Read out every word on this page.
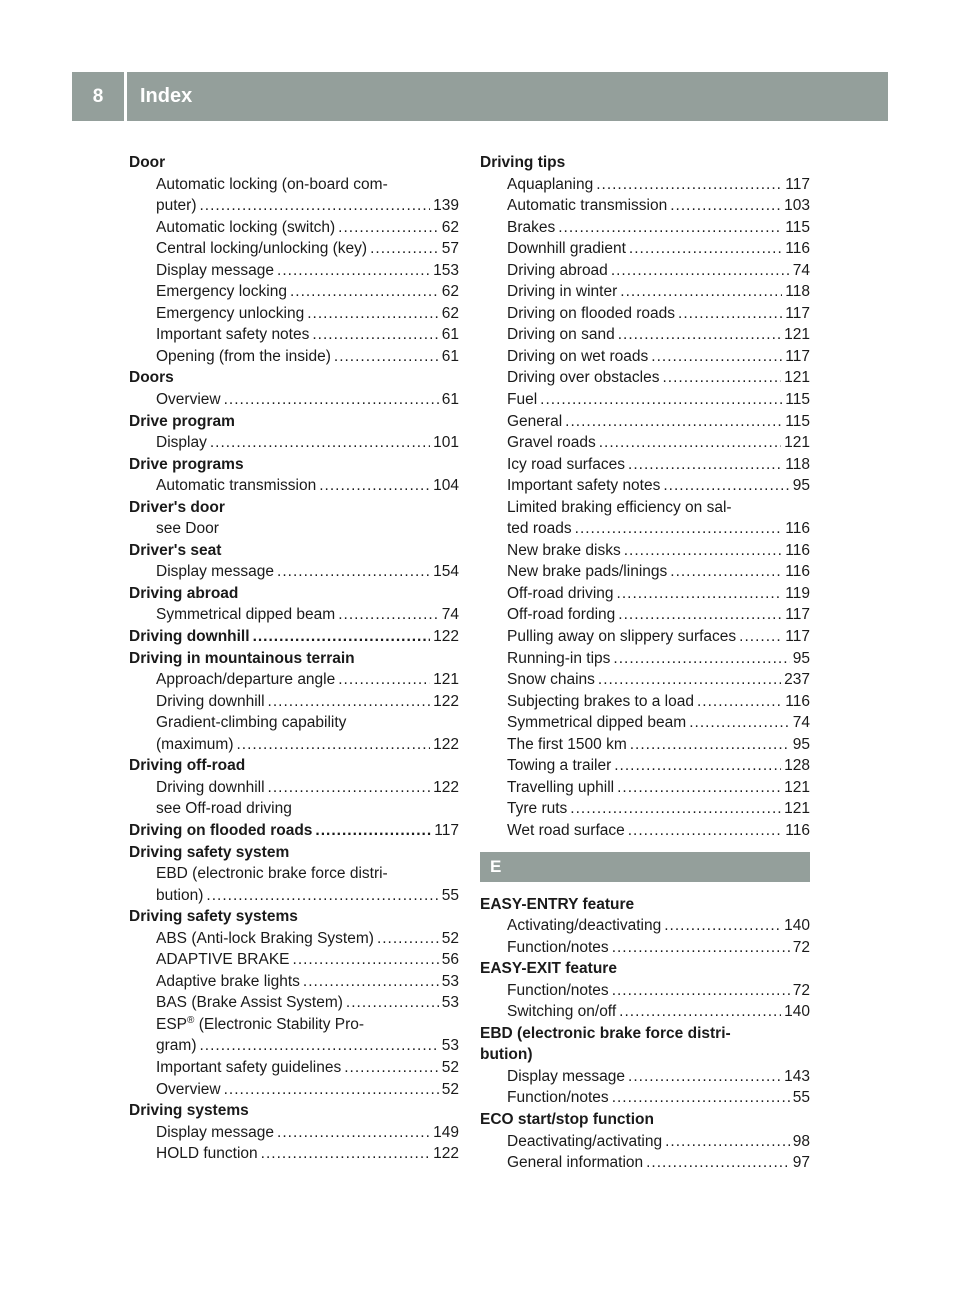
8	Index
Door
Automatic locking (on-board com-
puter) .....	139
Automatic locking (switch) .....	62
Central locking/unlocking (key) .....	57
Display message .....	153
Emergency locking .....	62
Emergency unlocking .....	62
Important safety notes .....	61
Opening (from the inside) .....	61
Doors
Overview .....	61
Drive program
Display .....	101
Drive programs
Automatic transmission .....	104
Driver's door
see Door
Driver's seat
Display message .....	154
Driving abroad
Symmetrical dipped beam .....	74
Driving downhill .....	122
Driving in mountainous terrain
Approach/departure angle .....	121
Driving downhill .....	122
Gradient-climbing capability
(maximum) .....	122
Driving off-road
Driving downhill .....	122
see Off-road driving
Driving on flooded roads .....	117
Driving safety system
EBD (electronic brake force distri-
bution) .....	55
Driving safety systems
ABS (Anti-lock Braking System) .....	52
ADAPTIVE BRAKE .....	56
Adaptive brake lights .....	53
BAS (Brake Assist System) .....	53
ESP® (Electronic Stability Pro-
gram) .....	53
Important safety guidelines .....	52
Overview .....	52
Driving systems
Display message .....	149
HOLD function .....	122
Driving tips
Aquaplaning .....	117
Automatic transmission .....	103
Brakes .....	115
Downhill gradient .....	116
Driving abroad .....	74
Driving in winter .....	118
Driving on flooded roads .....	117
Driving on sand .....	121
Driving on wet roads .....	117
Driving over obstacles .....	121
Fuel .....	115
General .....	115
Gravel roads .....	121
Icy road surfaces .....	118
Important safety notes .....	95
Limited braking efficiency on sal-
ted roads .....	116
New brake disks .....	116
New brake pads/linings .....	116
Off-road driving .....	119
Off-road fording .....	117
Pulling away on slippery surfaces .....	117
Running-in tips .....	95
Snow chains .....	237
Subjecting brakes to a load .....	116
Symmetrical dipped beam .....	74
The first 1500 km .....	95
Towing a trailer .....	128
Travelling uphill .....	121
Tyre ruts .....	121
Wet road surface .....	116
E
EASY-ENTRY feature
Activating/deactivating .....	140
Function/notes .....	72
EASY-EXIT feature
Function/notes .....	72
Switching on/off .....	140
EBD (electronic brake force distri-
bution)
Display message .....	143
Function/notes .....	55
ECO start/stop function
Deactivating/activating .....	98
General information .....	97
